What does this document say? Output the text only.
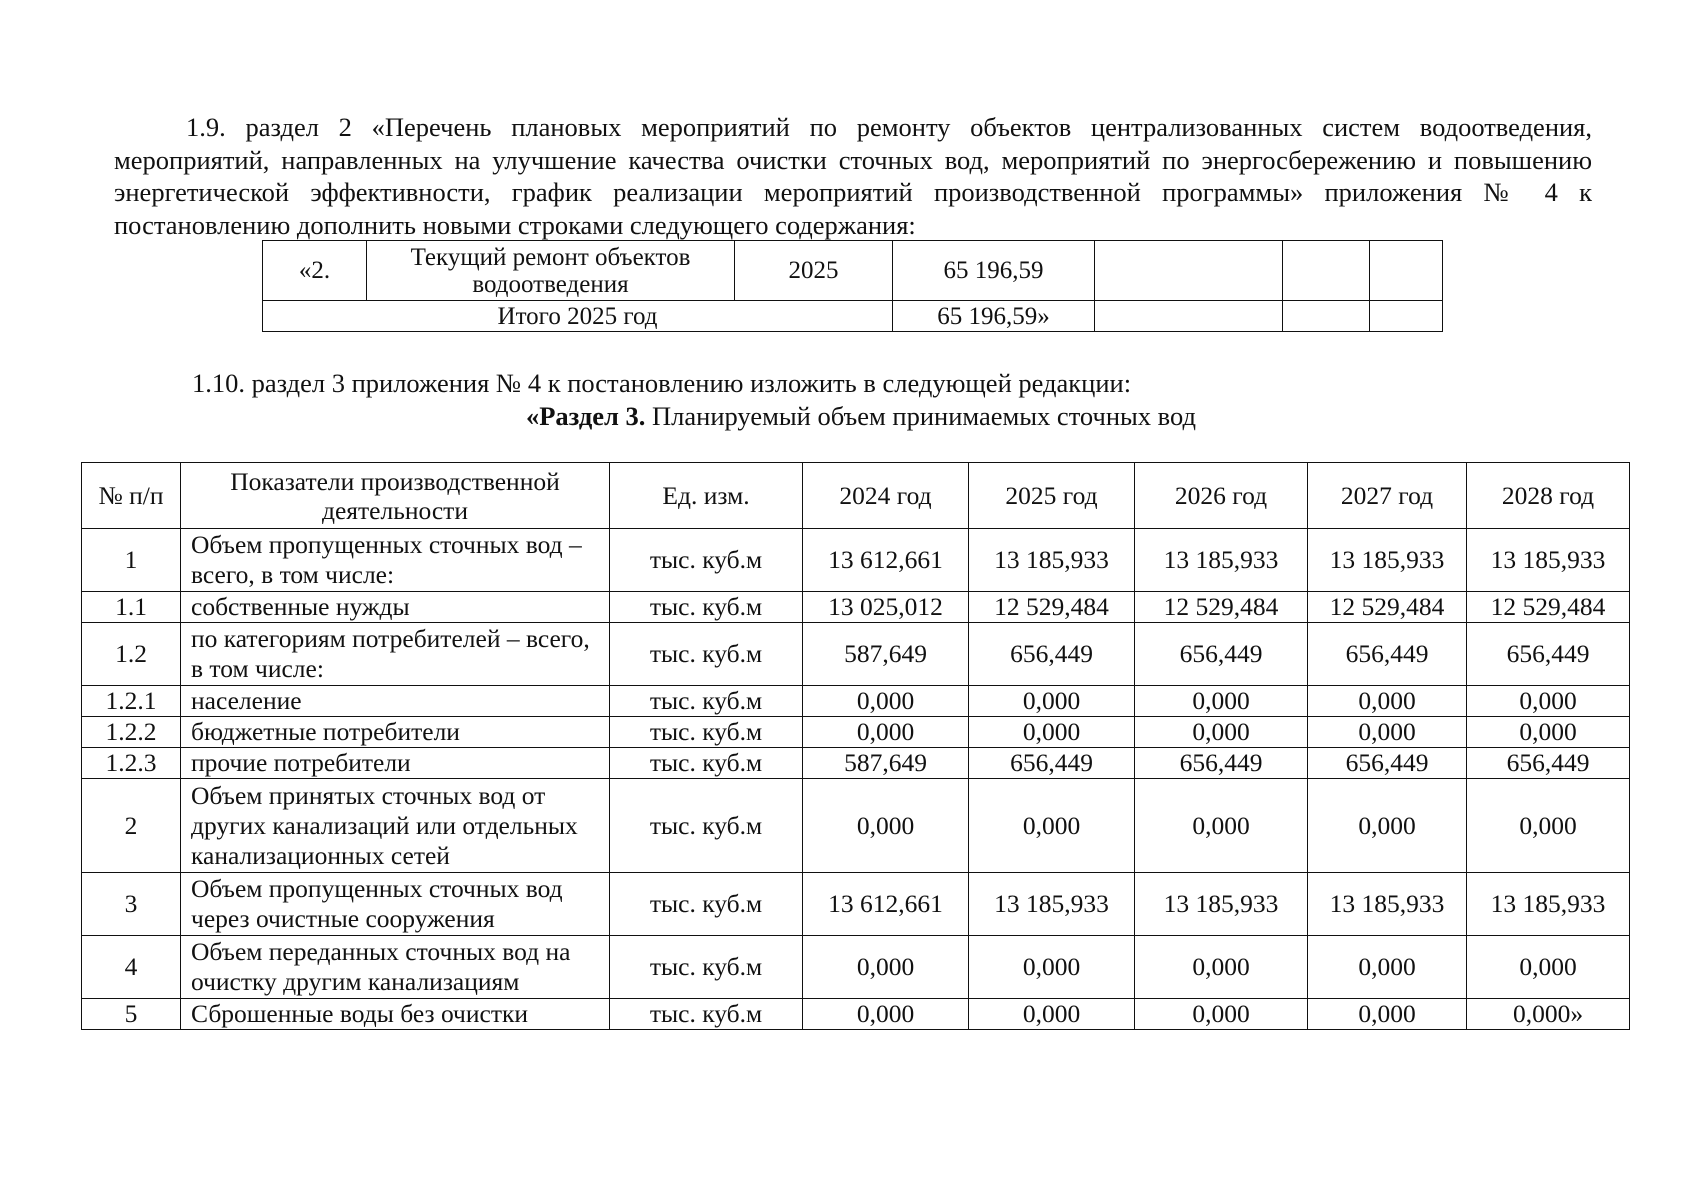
1.9. раздел 2 «Перечень плановых мероприятий по ремонту объектов централизованных систем водоотведения, мероприятий, направленных на улучшение качества очистки сточных вод, мероприятий по энергосбережению и повышению энергетической эффективности, график реализации мероприятий производственной программы» приложения № 4 к постановлению дополнить новыми строками следующего содержания:

«2.	Текущий ремонт объектов водоотведения	2025	65 196,59			
Итого 2025 год			65 196,59»			

1.10. раздел 3 приложения № 4 к постановлению изложить в следующей редакции:

«Раздел 3. Планируемый объем принимаемых сточных вод

№ п/п	Показатели производственной деятельности	Ед. изм.	2024 год	2025 год	2026 год	2027 год	2028 год
1	Объем пропущенных сточных вод – всего, в том числе:	тыс. куб.м	13 612,661	13 185,933	13 185,933	13 185,933	13 185,933
1.1	собственные нужды	тыс. куб.м	13 025,012	12 529,484	12 529,484	12 529,484	12 529,484
1.2	по категориям потребителей – всего, в том числе:	тыс. куб.м	587,649	656,449	656,449	656,449	656,449
1.2.1	население	тыс. куб.м	0,000	0,000	0,000	0,000	0,000
1.2.2	бюджетные потребители	тыс. куб.м	0,000	0,000	0,000	0,000	0,000
1.2.3	прочие потребители	тыс. куб.м	587,649	656,449	656,449	656,449	656,449
2	Объем принятых сточных вод от других канализаций или отдельных канализационных сетей	тыс. куб.м	0,000	0,000	0,000	0,000	0,000
3	Объем пропущенных сточных вод через очистные сооружения	тыс. куб.м	13 612,661	13 185,933	13 185,933	13 185,933	13 185,933
4	Объем переданных сточных вод на очистку другим канализациям	тыс. куб.м	0,000	0,000	0,000	0,000	0,000
5	Сброшенные воды без очистки	тыс. куб.м	0,000	0,000	0,000	0,000	0,000»
